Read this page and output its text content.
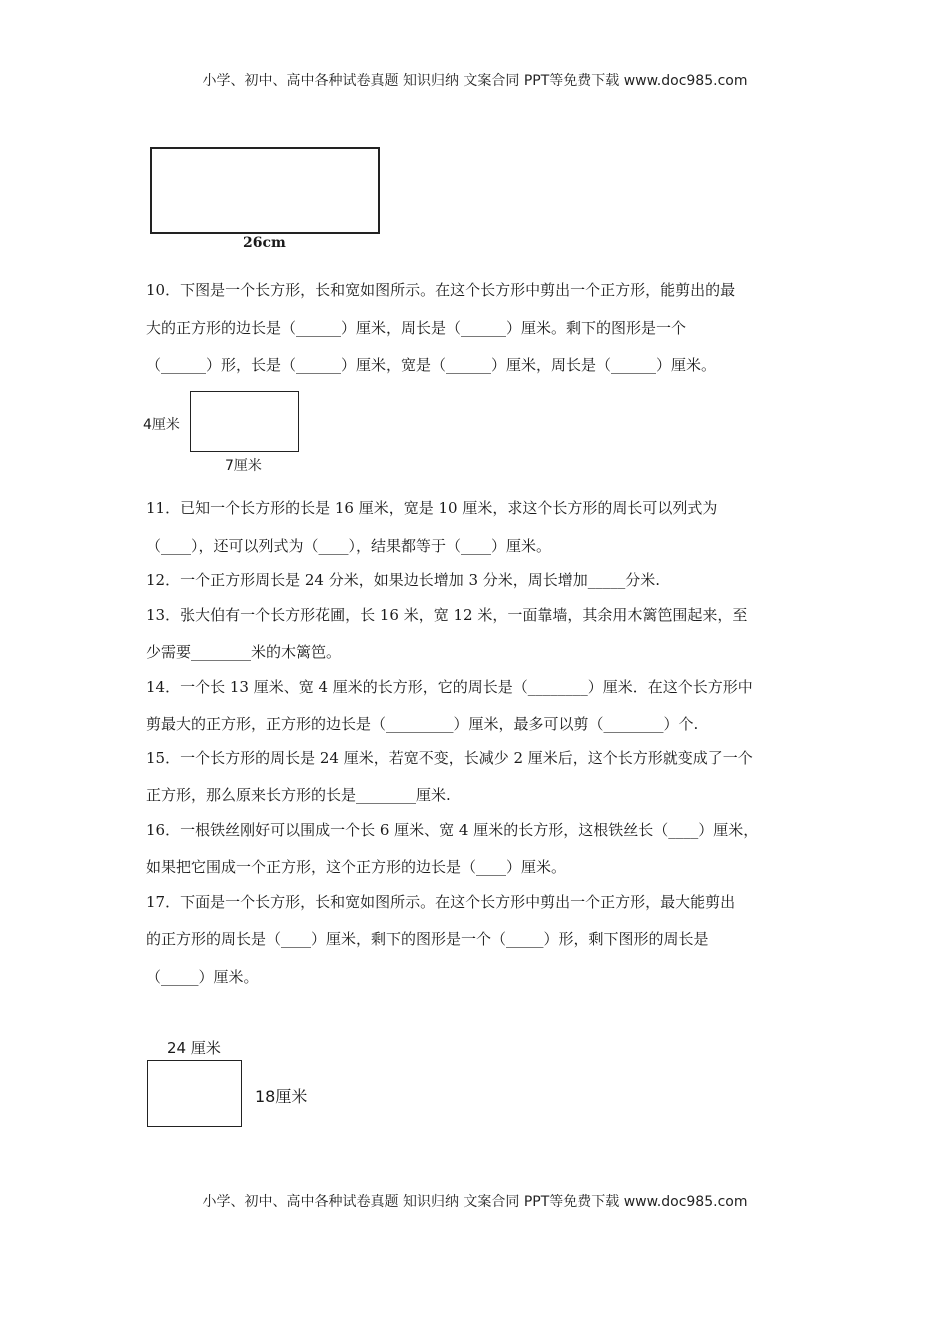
小学、初中、高中各种试卷真题 知识归纳 文案合同 PPT等免费下载 www.doc985.com
26cm
10．下图是一个长方形，长和宽如图所示。在这个长方形中剪出一个正方形，能剪出的最
大的正方形的边长是（______）厘米，周长是（______）厘米。剩下的图形是一个
（______）形，长是（______）厘米，宽是（______）厘米，周长是（______）厘米。
4厘米
7厘米
11．已知一个长方形的长是 16 厘米，宽是 10 厘米，求这个长方形的周长可以列式为
（____），还可以列式为（____），结果都等于（____）厘米。
12．一个正方形周长是 24 分米，如果边长增加 3 分米，周长增加_____分米.
13．张大伯有一个长方形花圃，长 16 米，宽 12 米，一面靠墙，其余用木篱笆围起来，至
少需要________米的木篱笆。
14．一个长 13 厘米、宽 4 厘米的长方形，它的周长是（________）厘米．在这个长方形中
剪最大的正方形，正方形的边长是（_________）厘米，最多可以剪（________）个.
15．一个长方形的周长是 24 厘米，若宽不变，长减少 2 厘米后，这个长方形就变成了一个
正方形，那么原来长方形的长是________厘米.
16．一根铁丝刚好可以围成一个长 6 厘米、宽 4 厘米的长方形，这根铁丝长（____）厘米，
如果把它围成一个正方形，这个正方形的边长是（____）厘米。
17．下面是一个长方形，长和宽如图所示。在这个长方形中剪出一个正方形，最大能剪出
的正方形的周长是（____）厘米，剩下的图形是一个（_____）形，剩下图形的周长是
（_____）厘米。
24 厘米
18厘米
小学、初中、高中各种试卷真题 知识归纳 文案合同 PPT等免费下载 www.doc985.com
